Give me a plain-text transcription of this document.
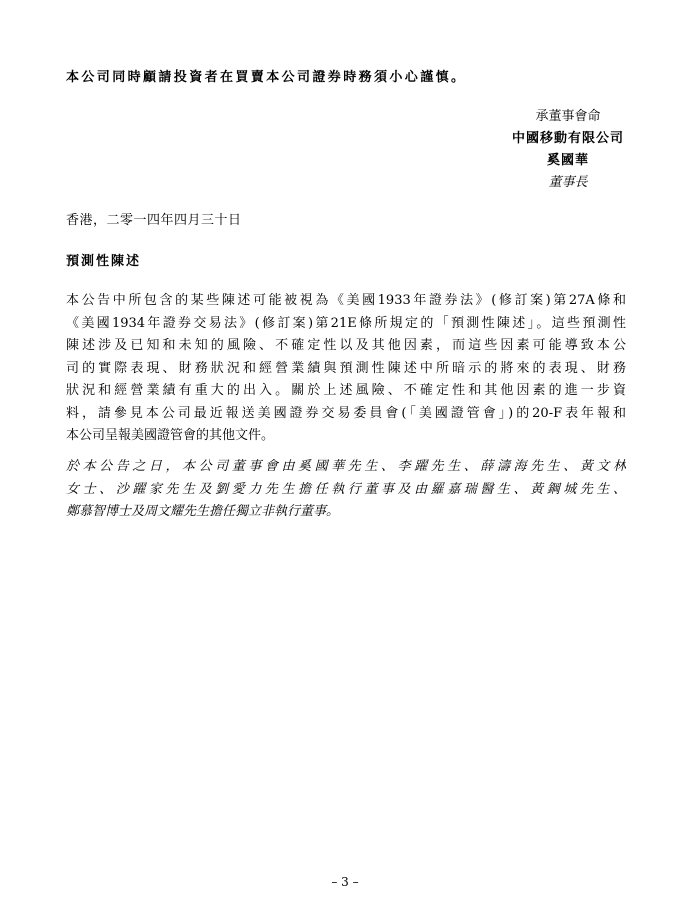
本公司同時顧請投資者在買賣本公司證券時務須小心謹慎。
承董事會命
中國移動有限公司
奚國華
董事長
香港，二零一四年四月三十日
預測性陳述
本公告中所包含的某些陳述可能被視為《美國1933年證券法》(修訂案)第27A條和
《美國1934年證券交易法》(修訂案)第21E條所規定的「預測性陳述」。這些預測性
陳述涉及已知和未知的風險、不確定性以及其他因素，而這些因素可能導致本公
司的實際表現、財務狀況和經營業績與預測性陳述中所暗示的將來的表現、財務
狀況和經營業績有重大的出入。關於上述風險、不確定性和其他因素的進一步資
料，請參見本公司最近報送美國證券交易委員會(「美國證管會」)的20-F表年報和
本公司呈報美國證管會的其他文件。
於本公告之日，本公司董事會由奚國華先生、李躍先生、薛濤海先生、黃文林
女士、沙躍家先生及劉愛力先生擔任執行董事及由羅嘉瑞醫生、黃鋼城先生、
鄭慕智博士及周文耀先生擔任獨立非執行董事。
– 3 –
